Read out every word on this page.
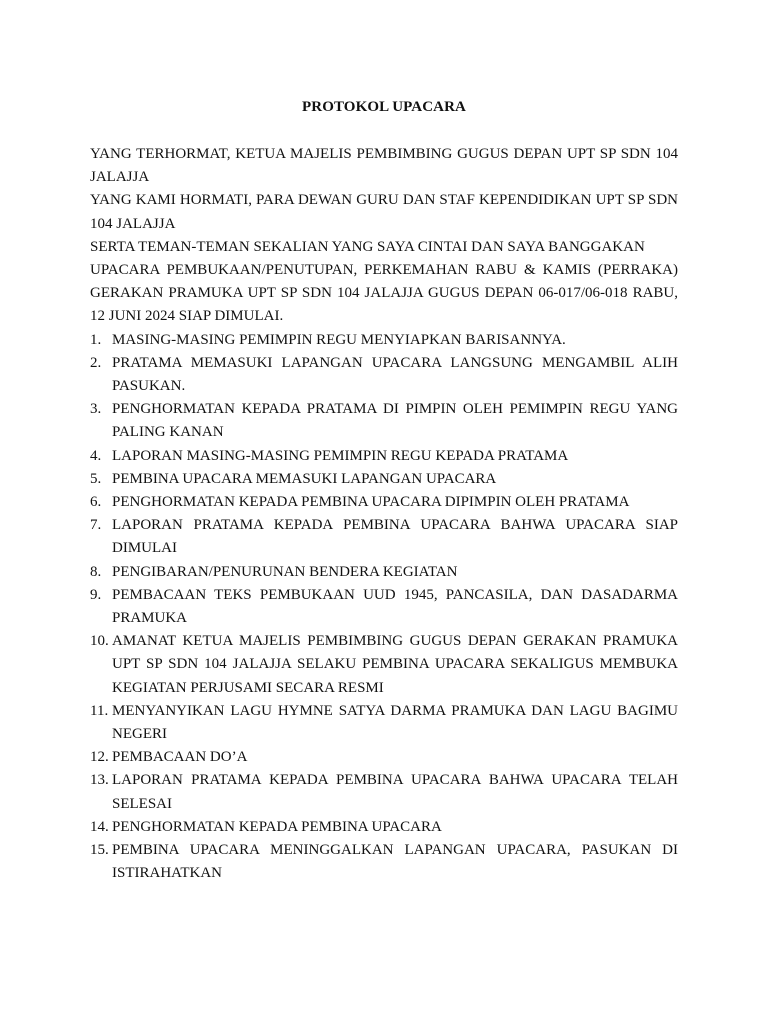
PROTOKOL UPACARA

YANG TERHORMAT, KETUA MAJELIS PEMBIMBING GUGUS DEPAN UPT SP SDN 104 JALAJJA

YANG KAMI HORMATI, PARA DEWAN GURU DAN STAF KEPENDIDIKAN UPT SP SDN 104 JALAJJA

SERTA TEMAN-TEMAN SEKALIAN YANG SAYA CINTAI DAN SAYA BANGGAKAN

UPACARA PEMBUKAAN/PENUTUPAN, PERKEMAHAN RABU & KAMIS (PERRAKA) GERAKAN PRAMUKA UPT SP SDN 104 JALAJJA GUGUS DEPAN 06-017/06-018 RABU, 12 JUNI 2024 SIAP DIMULAI.

1. MASING-MASING PEMIMPIN REGU MENYIAPKAN BARISANNYA.
2. PRATAMA MEMASUKI LAPANGAN UPACARA LANGSUNG MENGAMBIL ALIH PASUKAN.
3. PENGHORMATAN KEPADA PRATAMA DI PIMPIN OLEH PEMIMPIN REGU YANG PALING KANAN
4. LAPORAN MASING-MASING PEMIMPIN REGU KEPADA PRATAMA
5. PEMBINA UPACARA MEMASUKI LAPANGAN UPACARA
6. PENGHORMATAN KEPADA PEMBINA UPACARA DIPIMPIN OLEH PRATAMA
7. LAPORAN PRATAMA KEPADA PEMBINA UPACARA BAHWA UPACARA SIAP DIMULAI
8. PENGIBARAN/PENURUNAN BENDERA KEGIATAN
9. PEMBACAAN TEKS PEMBUKAAN UUD 1945, PANCASILA, DAN DASADARMA PRAMUKA
10. AMANAT KETUA MAJELIS PEMBIMBING GUGUS DEPAN GERAKAN PRAMUKA UPT SP SDN 104 JALAJJA SELAKU PEMBINA UPACARA SEKALIGUS MEMBUKA KEGIATAN PERJUSAMI SECARA RESMI
11. MENYANYIKAN LAGU HYMNE SATYA DARMA PRAMUKA DAN LAGU BAGIMU NEGERI
12. PEMBACAAN DO’A
13. LAPORAN PRATAMA KEPADA PEMBINA UPACARA BAHWA UPACARA TELAH SELESAI
14. PENGHORMATAN KEPADA PEMBINA UPACARA
15. PEMBINA UPACARA MENINGGALKAN LAPANGAN UPACARA, PASUKAN DI ISTIRAHATKAN
